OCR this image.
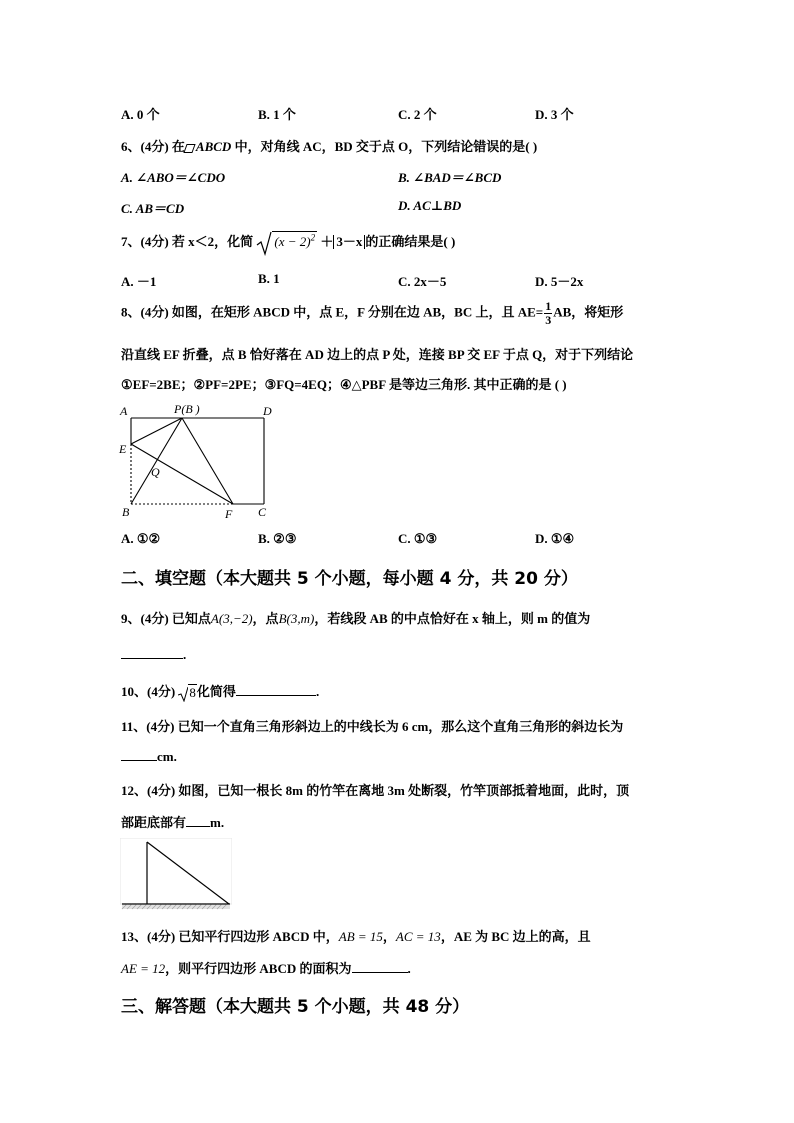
A. 0 个	B. 1 个	C. 2 个	D. 3 个
6、(4分) 在 ABCD 中，对角线 AC，BD 交于点 O，下列结论错误的是( )
A. ∠ABO＝∠CDO	B. ∠BAD＝∠BCD
C. AB＝CD	D. AC⊥BD
7、(4分) 若 x＜2，化简 $(x - 2)^2 + 3-x$ 的正确结果是( )
A. －1	B. 1	C. 2x－5	D. 5－2x
8、(4分) 如图，在矩形 ABCD 中，点 E，F 分别在边 AB，BC 上，且 $AE= \frac{1}{3}$ AB，将矩形
沿直线 EF 折叠，点 B 恰好落在 AD 边上的点 P 处，连接 BP 交 EF 于点 Q，对于下列结论
①EF=2BE；②PF=2PE；③FQ=4EQ；④△PBF 是等边三角形. 其中正确的是 ( )
A	P(B )	D
E
Q
B	F C
A. ①②	B. ②③	C. ①③	D. ①④
二、填空题（本大题共 5 个小题，每小题 4 分，共 20 分）
9、(4分) 已知点A(3,−2)，点B(3,m)，若线段 AB 的中点恰好在 x 轴上，则 m 的值为
.
10、(4分) 8化简得	.
11、(4分) 已知一个直角三角形斜边上的中线长为 6 cm，那么这个直角三角形的斜边长为
cm.
12、(4分) 如图，已知一根长 8m 的竹竿在离地 3m 处断裂，竹竿顶部抵着地面，此时，顶
部距底部有 m.
13、(4分) 已知平行四边形 ABCD 中，AB = 15，AC = 13，AE 为 BC 边上的高，且
AE = 12，则平行四边形 ABCD 的面积为	.
三、解答题（本大题共 5 个小题，共 48 分）
